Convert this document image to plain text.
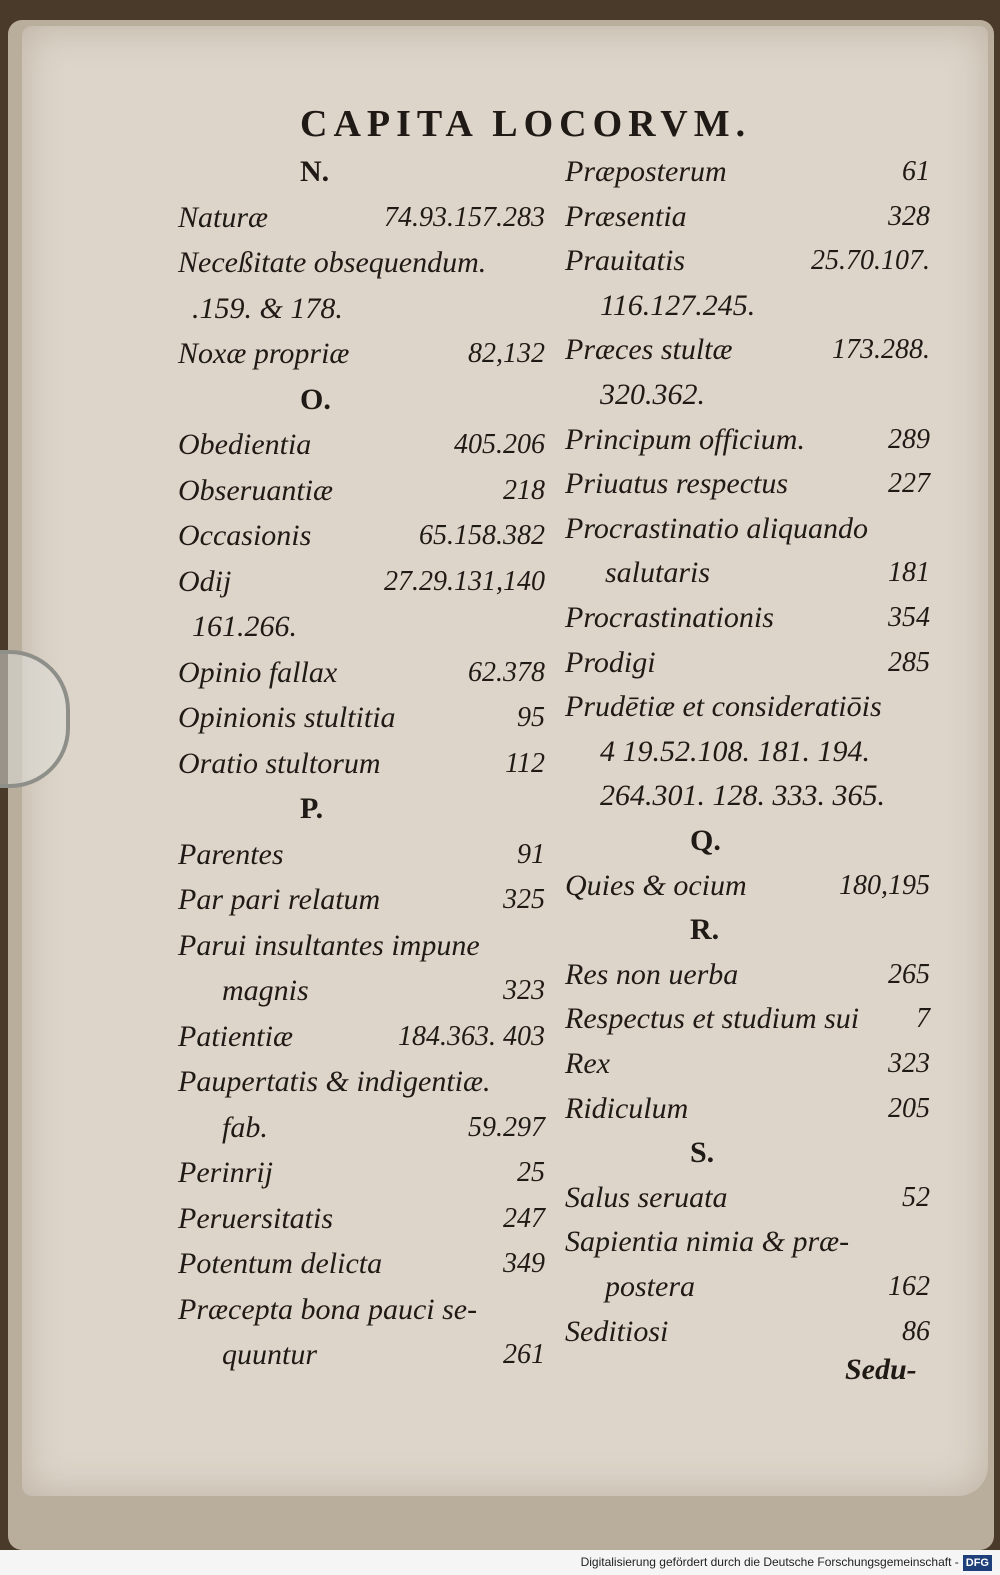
CAPITA LOCORVM.
N.
Naturæ	74.93.157.283
Neceßitate obsequendum.
.159. & 178.
Noxæ propriæ	82,132
O.
Obedientia	405.206
Obseruantiæ	218
Occasionis	65.158.382
Odij	27.29.131,140
161.266.
Opinio fallax	62.378
Opinionis stultitia	95
Oratio stultorum	112
P.
Parentes	91
Par pari relatum	325
Parui insultantes impune
magnis	323
Patientiæ	184.363. 403
Paupertatis & indigentiæ.
fab.	59.297
Perinrij	25
Peruersitatis	247
Potentum delicta	349
Præcepta bona pauci se-
quuntur	261
Præposterum	61
Præsentia	328
Prauitatis	25.70.107.
116.127.245.
Præces stultæ	173.288.
320.362.
Principum officium.	289
Priuatus respectus	227
Procrastinatio aliquando
salutaris	181
Procrastinationis	354
Prodigi	285
Prudētiæ et consideratiōis
4 19.52.108. 181. 194.
264.301. 128. 333. 365.
Q.
Quies & ocium	180,195
R.
Res non uerba	265
Respectus et studium sui	7
Rex	323
Ridiculum	205
S.
Salus seruata	52
Sapientia nimia & præ-
postera	162
Seditiosi	86
Sedu-
Digitalisierung gefördert durch die Deutsche Forschungsgemeinschaft - DFG
